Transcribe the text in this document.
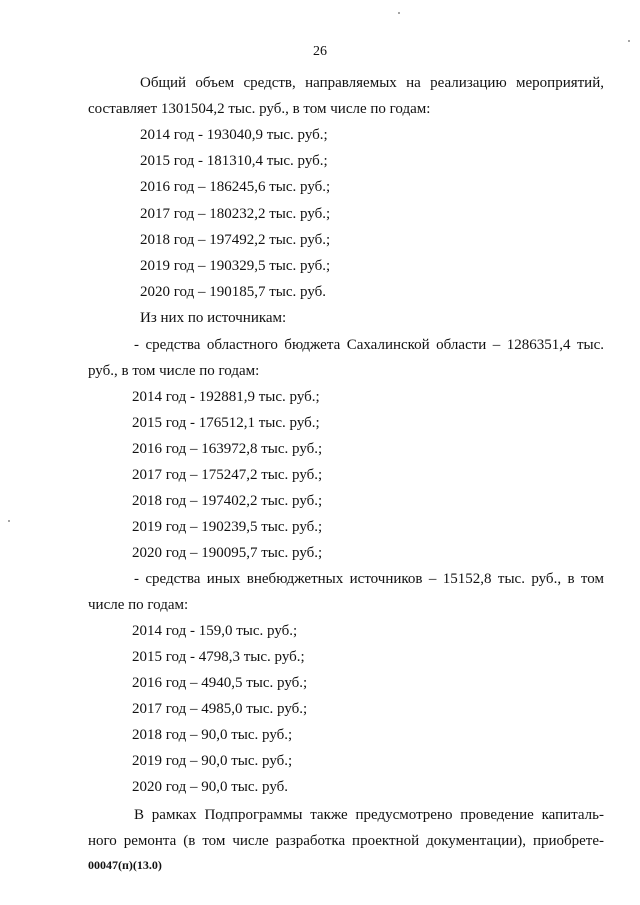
26
Общий объем средств, направляемых на реализацию мероприятий,
составляет 1301504,2 тыс. руб., в том числе по годам:
2014 год - 193040,9 тыс. руб.;
2015 год - 181310,4 тыс. руб.;
2016 год – 186245,6 тыс. руб.;
2017 год – 180232,2 тыс. руб.;
2018 год – 197492,2 тыс. руб.;
2019 год – 190329,5 тыс. руб.;
2020 год – 190185,7 тыс. руб.
Из них по источникам:
- средства областного бюджета Сахалинской области – 1286351,4 тыс.
руб., в том числе по годам:
2014 год - 192881,9 тыс. руб.;
2015 год - 176512,1 тыс. руб.;
2016 год – 163972,8 тыс. руб.;
2017 год – 175247,2 тыс. руб.;
2018 год – 197402,2 тыс. руб.;
2019 год – 190239,5 тыс. руб.;
2020 год – 190095,7 тыс. руб.;
- средства иных внебюджетных источников – 15152,8 тыс. руб., в том
числе по годам:
2014 год - 159,0 тыс. руб.;
2015 год - 4798,3 тыс. руб.;
2016 год – 4940,5 тыс. руб.;
2017 год – 4985,0 тыс. руб.;
2018 год – 90,0 тыс. руб.;
2019 год – 90,0 тыс. руб.;
2020 год – 90,0 тыс. руб.
В рамках Подпрограммы также предусмотрено проведение капиталь-
ного ремонта (в том числе разработка проектной документации), приобрете-
00047(п)(13.0)
